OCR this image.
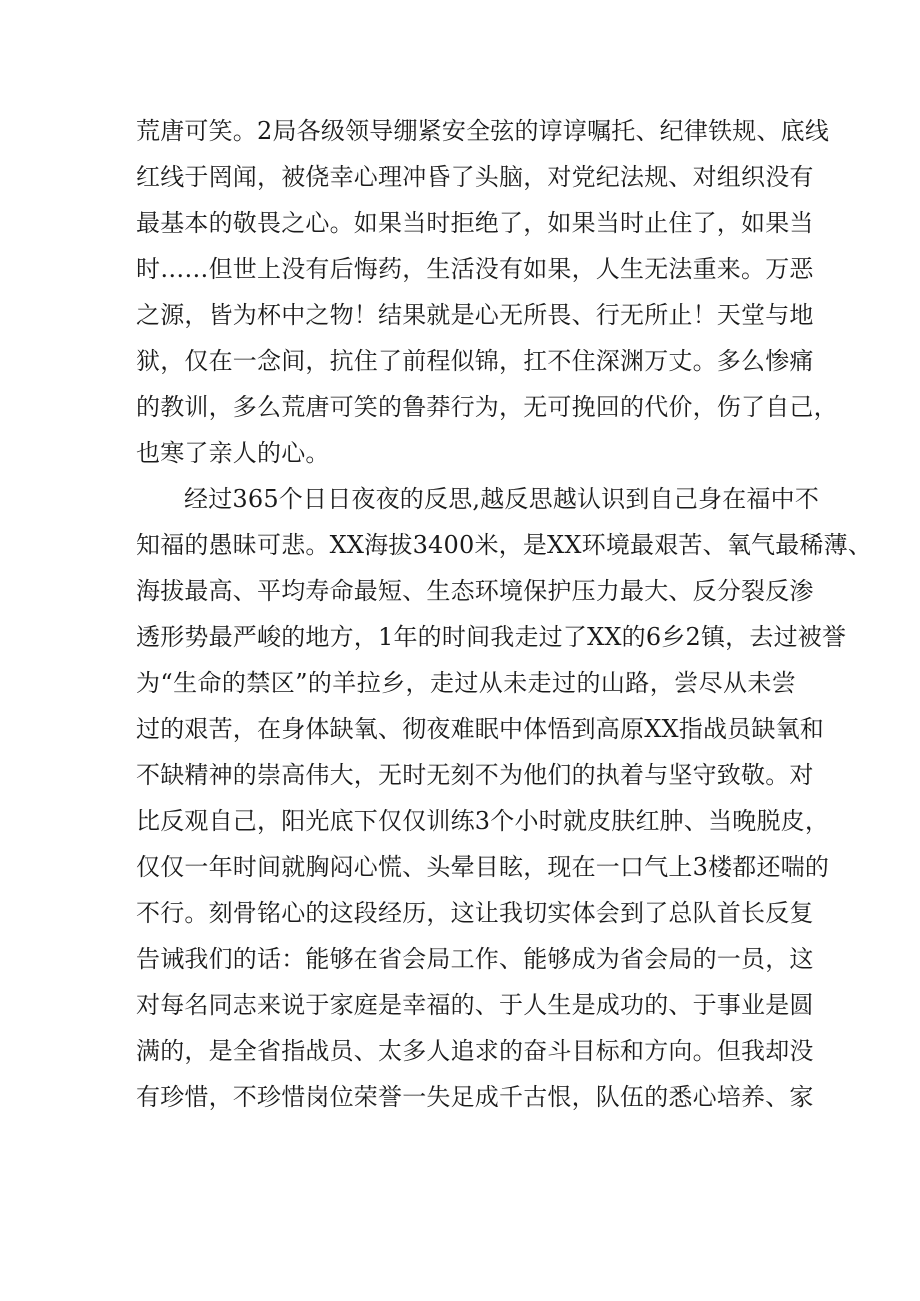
荒唐可笑。2局各级领导绷紧安全弦的谆谆嘱托、纪律铁规、底线
红线于罔闻，被侥幸心理冲昏了头脑，对党纪法规、对组织没有
最基本的敬畏之心。如果当时拒绝了，如果当时止住了，如果当
时……但世上没有后悔药，生活没有如果，人生无法重来。万恶
之源，皆为杯中之物！结果就是心无所畏、行无所止！天堂与地
狱，仅在一念间，抗住了前程似锦，扛不住深渊万丈。多么惨痛
的教训，多么荒唐可笑的鲁莽行为，无可挽回的代价，伤了自己，
也寒了亲人的心。
经过365个日日夜夜的反思,越反思越认识到自己身在福中不
知福的愚昧可悲。XX海拔3400米，是XX环境最艰苦、氧气最稀薄、
海拔最高、平均寿命最短、生态环境保护压力最大、反分裂反渗
透形势最严峻的地方，1年的时间我走过了XX的6乡2镇，去过被誉
为“生命的禁区”的羊拉乡，走过从未走过的山路，尝尽从未尝
过的艰苦，在身体缺氧、彻夜难眠中体悟到高原XX指战员缺氧和
不缺精神的崇高伟大，无时无刻不为他们的执着与坚守致敬。对
比反观自己，阳光底下仅仅训练3个小时就皮肤红肿、当晚脱皮，
仅仅一年时间就胸闷心慌、头晕目眩，现在一口气上3楼都还喘的
不行。刻骨铭心的这段经历，这让我切实体会到了总队首长反复
告诫我们的话：能够在省会局工作、能够成为省会局的一员，这
对每名同志来说于家庭是幸福的、于人生是成功的、于事业是圆
满的，是全省指战员、太多人追求的奋斗目标和方向。但我却没
有珍惜，不珍惜岗位荣誉一失足成千古恨，队伍的悉心培养、家
